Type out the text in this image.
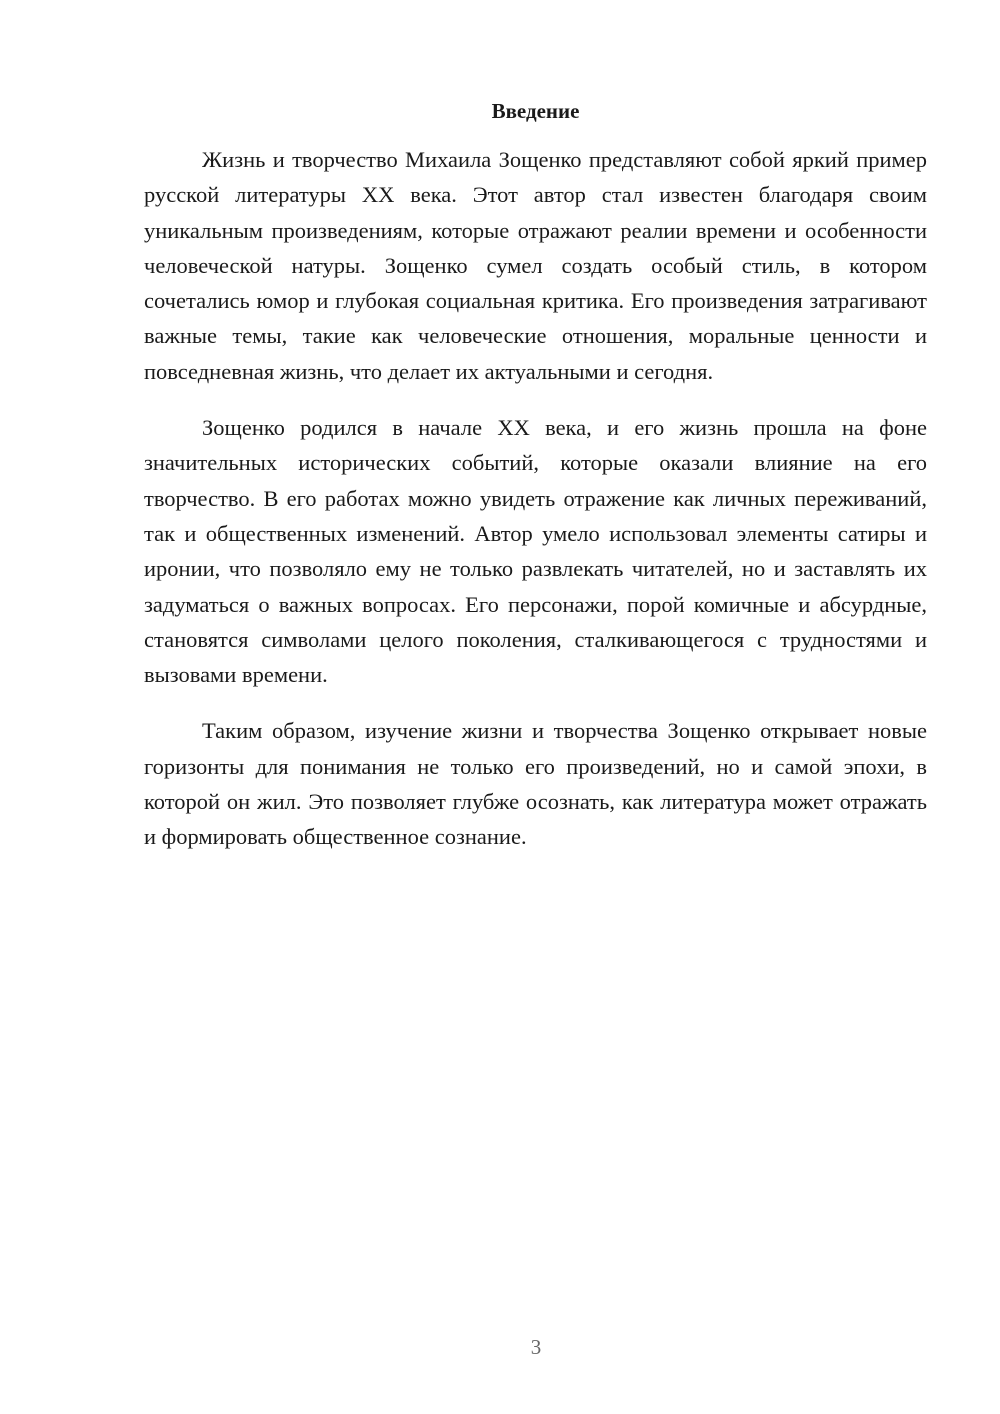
Введение

Жизнь и творчество Михаила Зощенко представляют собой яркий пример русской литературы XX века. Этот автор стал известен благодаря своим уникальным произведениям, которые отражают реалии времени и особенности человеческой натуры. Зощенко сумел создать особый стиль, в котором сочетались юмор и глубокая социальная критика. Его произведения затрагивают важные темы, такие как человеческие отношения, моральные ценности и повседневная жизнь, что делает их актуальными и сегодня.

Зощенко родился в начале XX века, и его жизнь прошла на фоне значительных исторических событий, которые оказали влияние на его творчество. В его работах можно увидеть отражение как личных переживаний, так и общественных изменений. Автор умело использовал элементы сатиры и иронии, что позволяло ему не только развлекать читателей, но и заставлять их задуматься о важных вопросах. Его персонажи, порой комичные и абсурдные, становятся символами целого поколения, сталкивающегося с трудностями и вызовами времени.

Таким образом, изучение жизни и творчества Зощенко открывает новые горизонты для понимания не только его произведений, но и самой эпохи, в которой он жил. Это позволяет глубже осознать, как литература может отражать и формировать общественное сознание.

3
